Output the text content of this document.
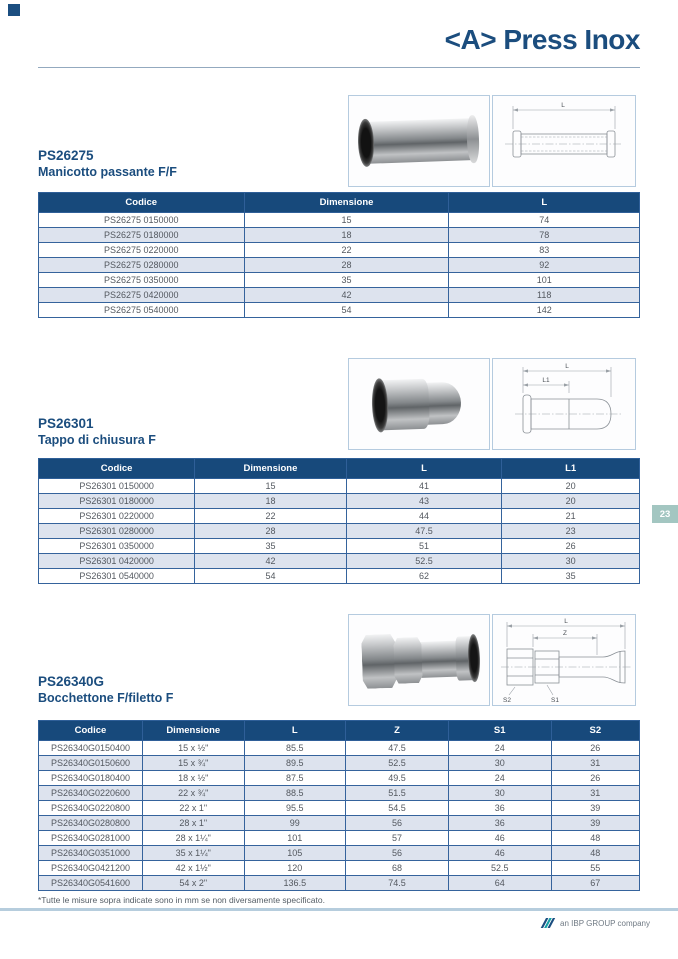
<A> Press Inox
L
PS26275
Manicotto passante F/F
Codice	Dimensione	L
PS26275 0150000	15	74
PS26275 0180000	18	78
PS26275 0220000	22	83
PS26275 0280000	28	92
PS26275 0350000	35	101
PS26275 0420000	42	118
PS26275 0540000	54	142
L
L1
PS26301
Tappo di chiusura F
Codice	Dimensione	L	L1
PS26301 0150000	15	41	20
PS26301 0180000	18	43	20
PS26301 0220000	22	44	21
PS26301 0280000	28	47.5	23
PS26301 0350000	35	51	26
PS26301 0420000	42	52.5	30
PS26301 0540000	54	62	35
23
L
Z
S2	S1
PS26340G
Bocchettone F/filetto F
Codice	Dimensione	L	Z	S1	S2
PS26340G0150400	15 x ½"	85.5	47.5	24	26
PS26340G0150600	15 x ¾"	89.5	52.5	30	31
PS26340G0180400	18 x ½"	87.5	49.5	24	26
PS26340G0220600	22 x ¾"	88.5	51.5	30	31
PS26340G0220800	22 x 1"	95.5	54.5	36	39
PS26340G0280800	28 x 1"	99	56	36	39
PS26340G0281000	28 x 1¼"	101	57	46	48
PS26340G0351000	35 x 1¼"	105	56	46	48
PS26340G0421200	42 x 1½"	120	68	52.5	55
PS26340G0541600	54 x 2"	136.5	74.5	64	67
*Tutte le misure sopra indicate sono in mm se non diversamente specificato.
an IBP GROUP company
